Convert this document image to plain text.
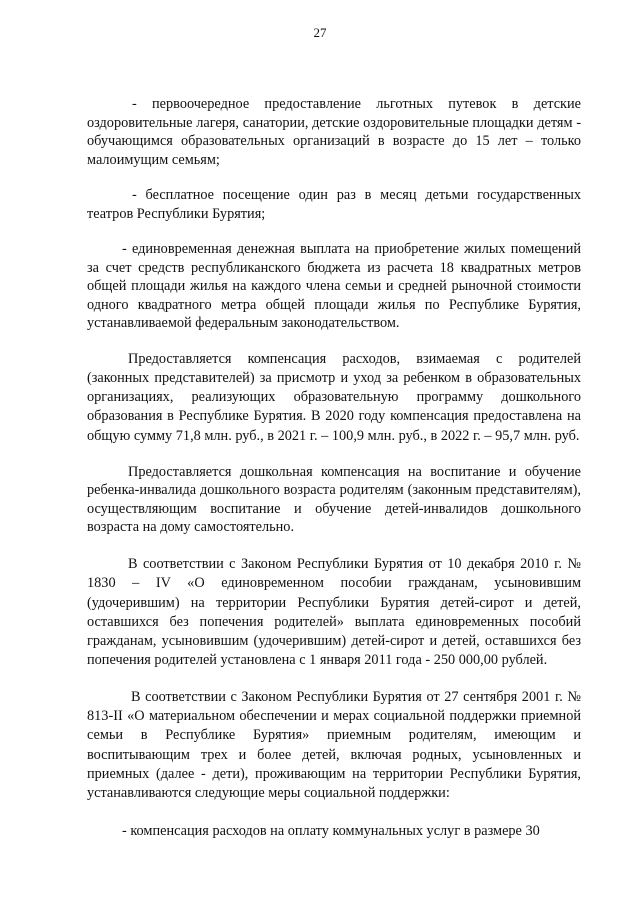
27

- первоочередное предоставление льготных путевок в детские оздоровительные лагеря, санатории, детские оздоровительные площадки детям - обучающимся образовательных организаций в возрасте до 15 лет – только малоимущим семьям;

- бесплатное посещение один раз в месяц детьми государственных театров Республики Бурятия;

- единовременная денежная выплата на приобретение жилых помещений за счет средств республиканского бюджета из расчета 18 квадратных метров общей площади жилья на каждого члена семьи и средней рыночной стоимости одного квадратного метра общей площади жилья по Республике Бурятия, устанавливаемой федеральным законодательством.

Предоставляется компенсация расходов, взимаемая с родителей (законных представителей) за присмотр и уход за ребенком в образовательных организациях, реализующих образовательную программу дошкольного образования в Республике Бурятия. В 2020 году компенсация предоставлена на общую сумму 71,8 млн. руб., в 2021 г. – 100,9 млн. руб., в 2022 г. – 95,7 млн. руб.

Предоставляется дошкольная компенсация на воспитание и обучение ребенка-инвалида дошкольного возраста родителям (законным представителям), осуществляющим воспитание и обучение детей-инвалидов дошкольного возраста на дому самостоятельно.

В соответствии с Законом Республики Бурятия от 10 декабря 2010 г. № 1830 – IV «О единовременном пособии гражданам, усыновившим (удочерившим) на территории Республики Бурятия детей-сирот и детей, оставшихся без попечения родителей» выплата единовременных пособий гражданам, усыновившим (удочерившим) детей-сирот и детей, оставшихся без попечения родителей установлена с 1 января 2011 года - 250 000,00 рублей.

В соответствии с Законом Республики Бурятия от 27 сентября 2001 г. № 813-II «О материальном обеспечении и мерах социальной поддержки приемной семьи в Республике Бурятия» приемным родителям, имеющим и воспитывающим трех и более детей, включая родных, усыновленных и приемных (далее - дети), проживающим на территории Республики Бурятия, устанавливаются следующие меры социальной поддержки:

- компенсация расходов на оплату коммунальных услуг в размере 30
